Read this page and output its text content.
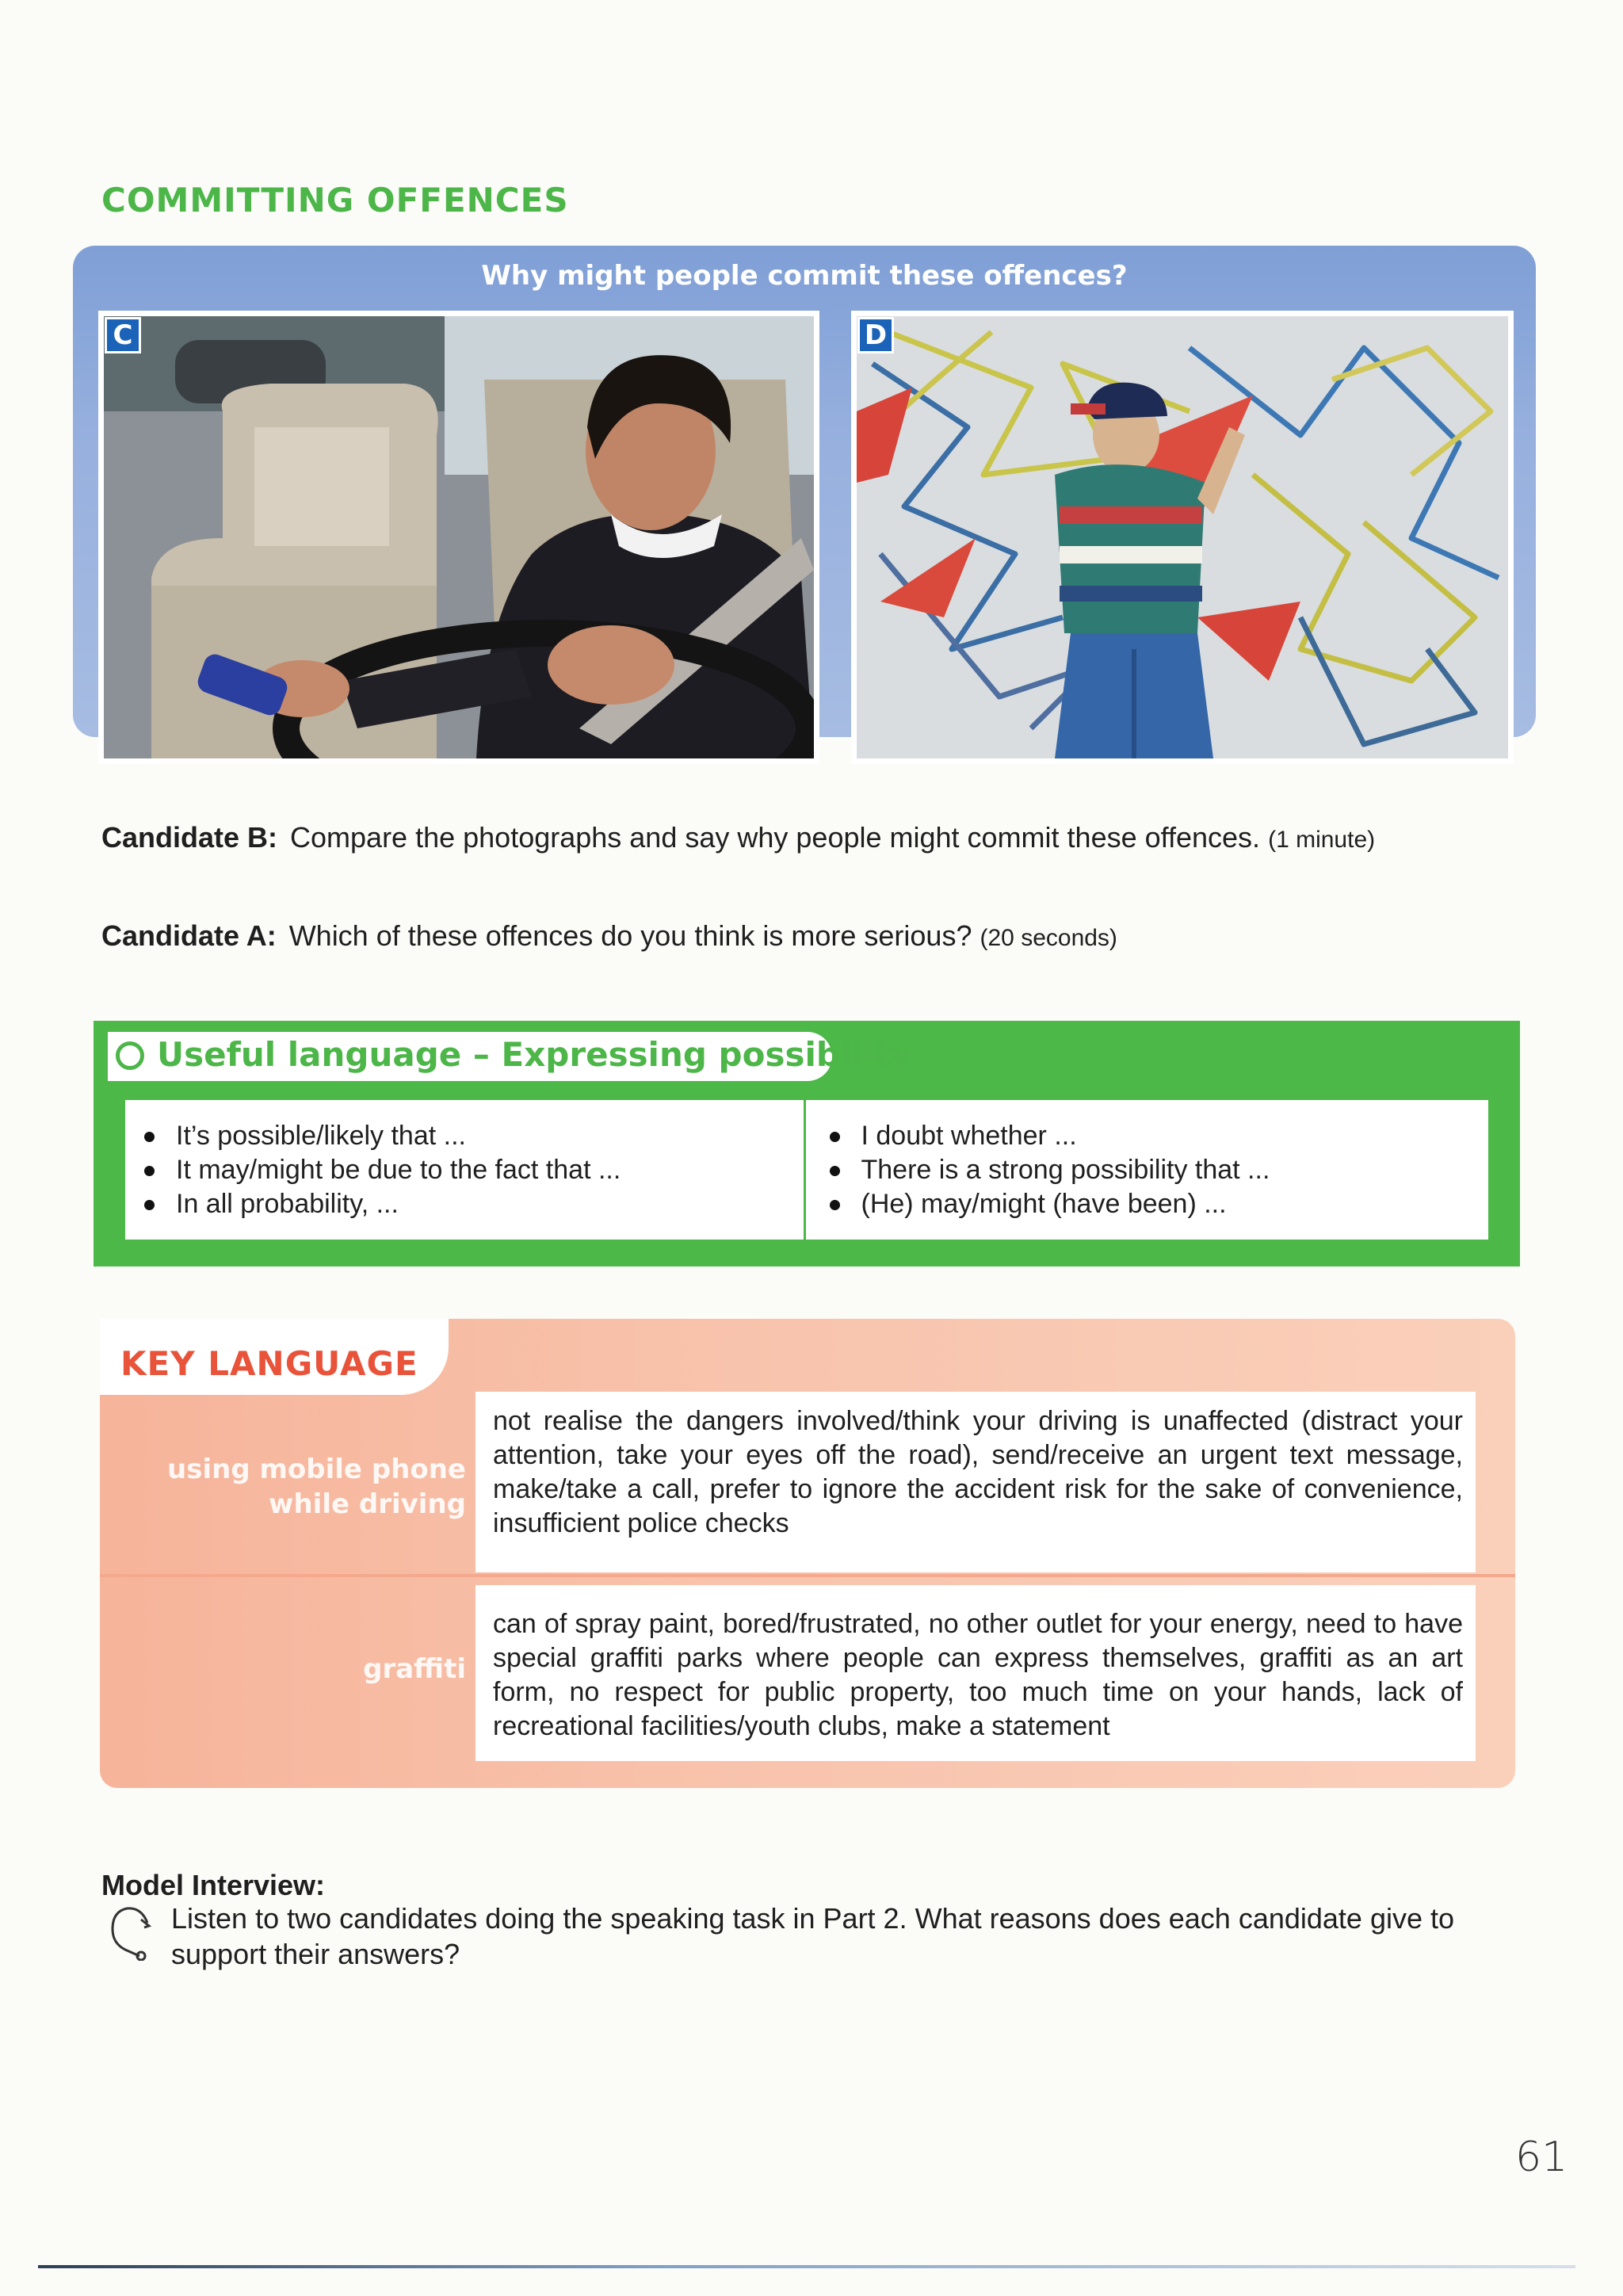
COMMITTING OFFENCES
Why might people commit these offences?
C	D
Candidate B: Compare the photographs and say why people might commit these offences. (1 minute)
Candidate A: Which of these offences do you think is more serious? (20 seconds)
Useful language – Expressing possibility
It’s possible/likely that ...
It may/might be due to the fact that ...
In all probability, ...
I doubt whether ...
There is a strong possibility that ...
(He) may/might (have been) ...
KEY LANGUAGE
using mobile phone
while driving
not realise the dangers involved/think your driving is unaffected (distract your attention, take your eyes off the road), send/receive an urgent text message, make/take a call, prefer to ignore the accident risk for the sake of convenience, insufficient police checks
graffiti
can of spray paint, bored/frustrated, no other outlet for your energy, need to have special graffiti parks where people can express themselves, graffiti as an art form, no respect for public property, too much time on your hands, lack of recreational facilities/youth clubs, make a statement
Model Interview:
Listen to two candidates doing the speaking task in Part 2. What reasons does each candidate give to support their answers?
61
